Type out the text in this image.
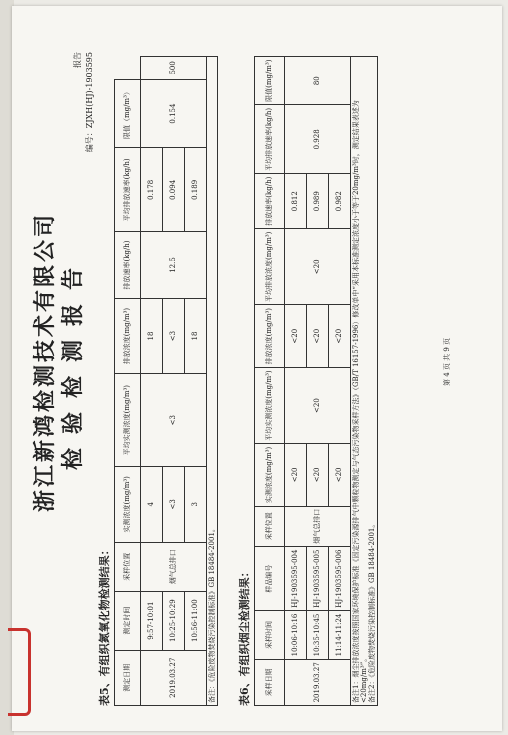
浙江新鸿检测技术有限公司 检验检测报告
报告 编号：ZJXH(HJ)-1903595
表5、有组织氮氧化物检测结果： 测定日期	测定时间	采样位置	实测浓度(mg/m³)	平均实测浓度(mg/m³)	排放浓度(mg/m³)	排放速率(kg/h)	平均排放速率(kg/h)	限值（mg/m³）	
2019.03.27	9:57-10:01	烟气总排口	4	<3	18	12.5	0.178	0.154	500
	10:25-10:29		<3		<3		0.094		
	10:56-11:00		3		18		0.189		
备注：《危险废物焚烧污染控制标准》GB 18484-2001。									表6、有组织烟尘检测结果： 采样日期	采样时间	样品编号	采样位置	实测浓度(mg/m³)	平均实测浓度(mg/m³)	排放浓度(mg/m³)	平均排放浓度(mg/m³)	排放速率(kg/h)	平均排放速率(kg/h)	限值(mg/m³)
2019.03.27	10:06-10:16	HJ-1903595-004	烟气总排口	<20	<20	<20	<20	0.812	0.928	80
	10:35-10:45	HJ-1903595-005		<20		<20		0.989		
	11:14-11:24	HJ-1903595-006		<20		<20		0.982		

备注1：烟尘排放浓度按照国家环境保护标准《固定污染源排气中颗粒物测定与气态污染物采样方法》（GB/T 16157-1996）修改单中“采用本标准测定浓度小于等于20mg/m³时，测定结果表述为<20mg/m³”。 备注2：《危险废物焚烧污染控制标准》GB 18484-2001。										
第 4 页 共 9 页
